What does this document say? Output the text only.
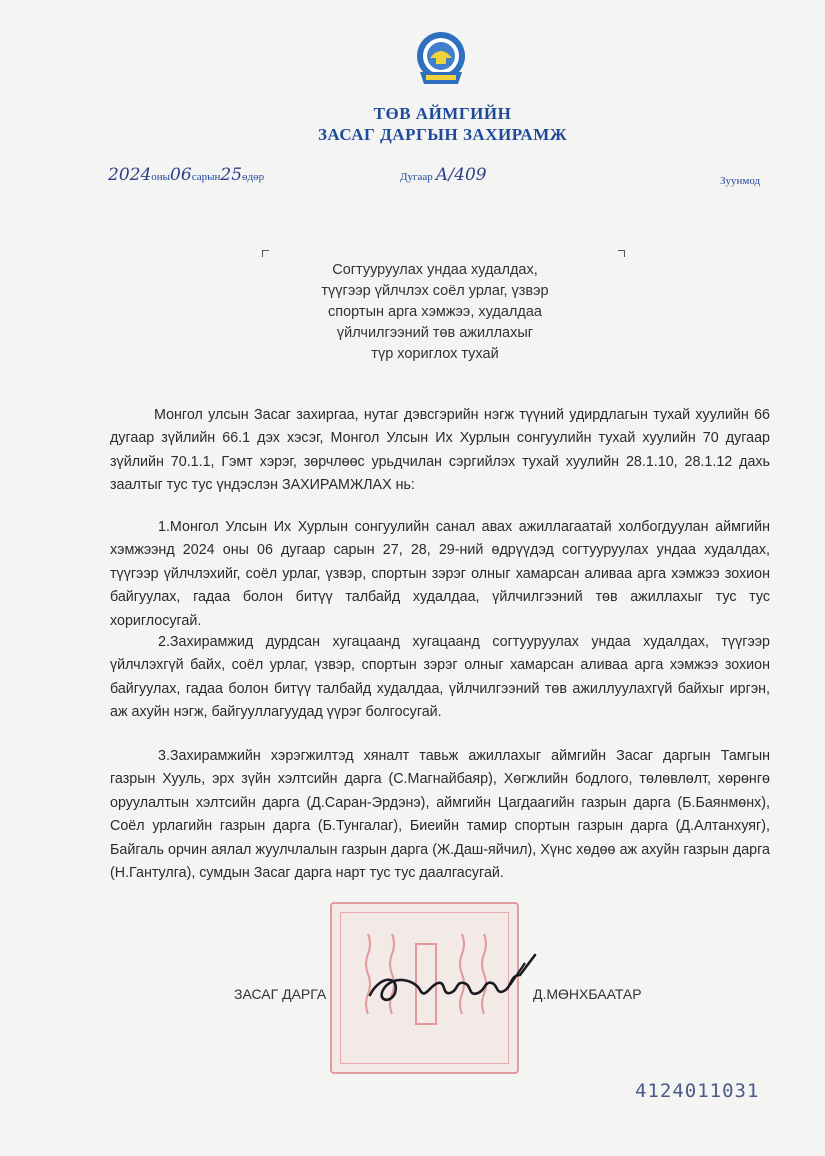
ТӨВ АЙМГИЙН
ЗАСАГ ДАРГЫН ЗАХИРАМЖ
2024оны06сарын25өдөр	Дугаар А/409	Зуунмод
Согтууруулах ундаа худалдах,
түүгээр үйлчлэх соёл урлаг, үзвэр
спортын арга хэмжээ, худалдаа
үйлчилгээний төв ажиллахыг
түр хориглох тухай
Монгол улсын Засаг захиргаа, нутаг дэвсгэрийн нэгж түүний удирдлагын тухай хуулийн 66 дугаар зүйлийн 66.1 дэх хэсэг, Монгол Улсын Их Хурлын сонгуулийн тухай хуулийн 70 дугаар зүйлийн 70.1.1, Гэмт хэрэг, зөрчлөөс урьдчилан сэргийлэх тухай хуулийн 28.1.10, 28.1.12 дахь заалтыг тус тус үндэслэн ЗАХИРАМЖЛАХ нь:
1.Монгол Улсын Их Хурлын сонгуулийн санал авах ажиллагаатай холбогдуулан аймгийн хэмжээнд 2024 оны 06 дугаар сарын 27, 28, 29-ний өдрүүдэд согтууруулах ундаа худалдах, түүгээр үйлчлэхийг, соёл урлаг, үзвэр, спортын зэрэг олныг хамарсан аливаа арга хэмжээ зохион байгуулах, гадаа болон битүү талбайд худалдаа, үйлчилгээний төв ажиллахыг тус тус хориглосугай.
2.Захирамжид дурдсан хугацаанд хугацаанд согтууруулах ундаа худалдах, түүгээр үйлчлэхгүй байх, соёл урлаг, үзвэр, спортын зэрэг олныг хамарсан аливаа арга хэмжээ зохион байгуулах, гадаа болон битүү талбайд худалдаа, үйлчилгээний төв ажиллуулахгүй байхыг иргэн, аж ахуйн нэгж, байгууллагуудад үүрэг болгосугай.
3.Захирамжийн хэрэгжилтэд хяналт тавьж ажиллахыг аймгийн Засаг даргын Тамгын газрын Хууль, эрх зүйн хэлтсийн дарга (С.Магнайбаяр), Хөгжлийн бодлого, төлөвлөлт, хөрөнгө оруулалтын хэлтсийн дарга (Д.Саран-Эрдэнэ), аймгийн Цагдаагийн газрын дарга (Б.Баянмөнх), Соёл урлагийн газрын дарга (Б.Тунгалаг), Биеийн тамир спортын газрын дарга (Д.Алтанхуяг), Байгаль орчин аялал жуулчлалын газрын дарга (Ж.Даш-яйчил), Хүнс хөдөө аж ахуйн газрын дарга (Н.Гантулга), сумдын Засаг дарга нарт тус тус даалгасугай.
ЗАСАГ ДАРГА	Д.МӨНХБААТАР
4124011031
